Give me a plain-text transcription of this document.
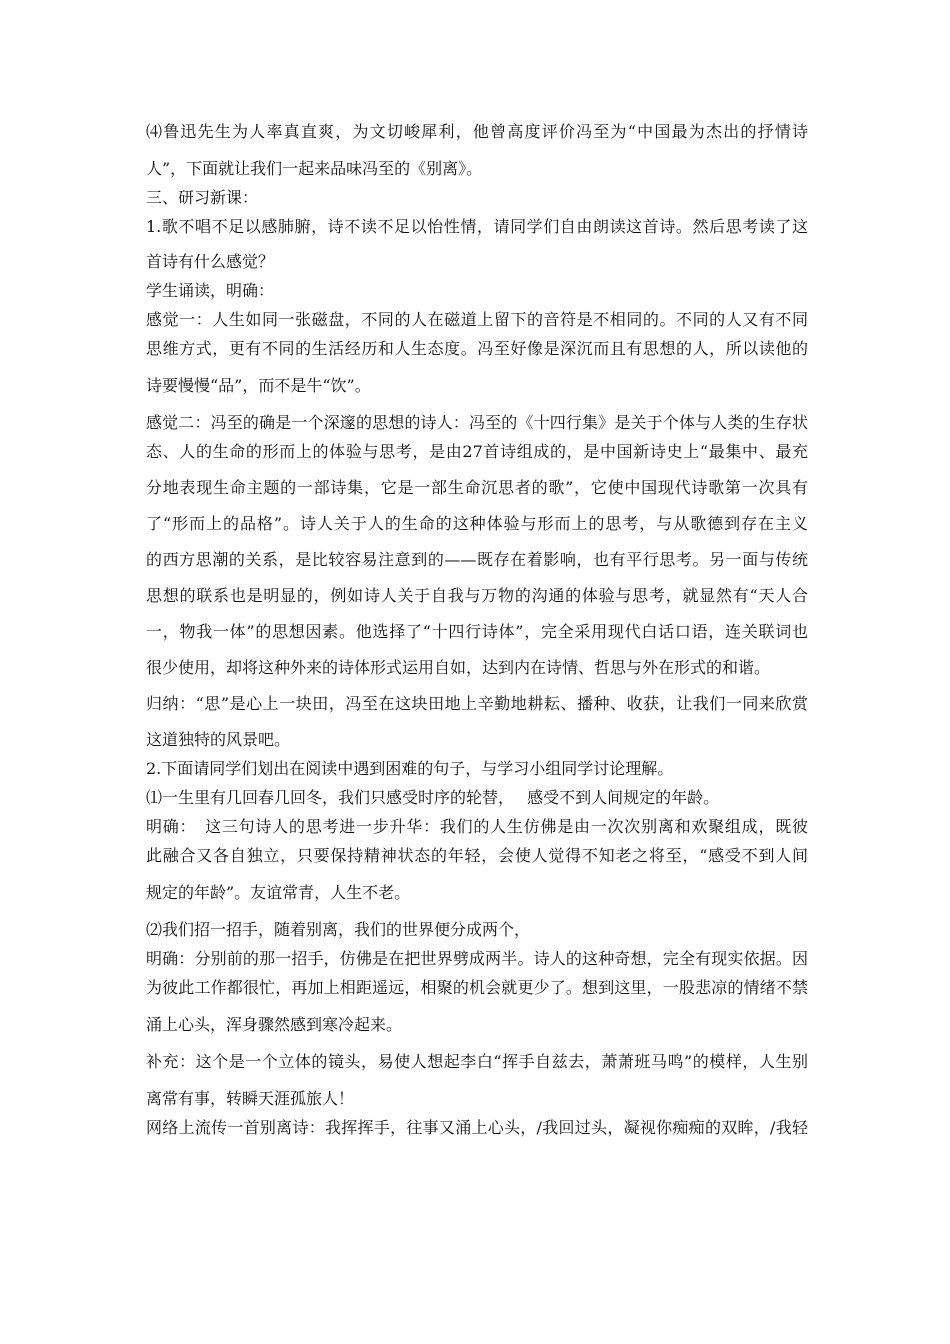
⑷鲁迅先生为人率真直爽，为文切峻犀利，他曾高度评价冯至为“中国最为杰出的抒情诗
人”，下面就让我们一起来品味冯至的《别离》。
三、研习新课：
1.歌不唱不足以感肺腑，诗不读不足以怡性情，请同学们自由朗读这首诗。然后思考读了这
首诗有什么感觉？
学生诵读，明确：
感觉一：人生如同一张磁盘，不同的人在磁道上留下的音符是不相同的。不同的人又有不同
思维方式，更有不同的生活经历和人生态度。冯至好像是深沉而且有思想的人，所以读他的
诗要慢慢“品”，而不是牛“饮”。
感觉二：冯至的确是一个深邃的思想的诗人：冯至的《十四行集》是关于个体与人类的生存状
态、人的生命的形而上的体验与思考，是由27首诗组成的，是中国新诗史上“最集中、最充
分地表现生命主题的一部诗集，它是一部生命沉思者的歌”，它使中国现代诗歌第一次具有
了“形而上的品格”。诗人关于人的生命的这种体验与形而上的思考，与从歌德到存在主义
的西方思潮的关系，是比较容易注意到的——既存在着影响，也有平行思考。另一面与传统
思想的联系也是明显的，例如诗人关于自我与万物的沟通的体验与思考，就显然有“天人合
一，物我一体”的思想因素。他选择了“十四行诗体”，完全采用现代白话口语，连关联词也
很少使用，却将这种外来的诗体形式运用自如，达到内在诗情、哲思与外在形式的和谐。
归纳：“思”是心上一块田，冯至在这块田地上辛勤地耕耘、播种、收获，让我们一同来欣赏
这道独特的风景吧。
2.下面请同学们划出在阅读中遇到困难的句子，与学习小组同学讨论理解。
⑴一生里有几回春几回冬，我们只感受时序的轮替，　 感受不到人间规定的年龄。
明确：　这三句诗人的思考进一步升华：我们的人生仿佛是由一次次别离和欢聚组成，既彼
此融合又各自独立，只要保持精神状态的年轻，会使人觉得不知老之将至，“感受不到人间
规定的年龄”。友谊常青，人生不老。
⑵我们招一招手，随着别离，我们的世界便分成两个，
明确：分别前的那一招手，仿佛是在把世界劈成两半。诗人的这种奇想，完全有现实依据。因
为彼此工作都很忙，再加上相距遥远，相聚的机会就更少了。想到这里，一股悲凉的情绪不禁
涌上心头，浑身骤然感到寒冷起来。
补充：这个是一个立体的镜头，易使人想起李白“挥手自兹去，萧萧班马鸣”的模样，人生别
离常有事，转瞬天涯孤旅人！
网络上流传一首别离诗：我挥挥手，往事又涌上心头，/我回过头，凝视你痴痴的双眸，/我轻
